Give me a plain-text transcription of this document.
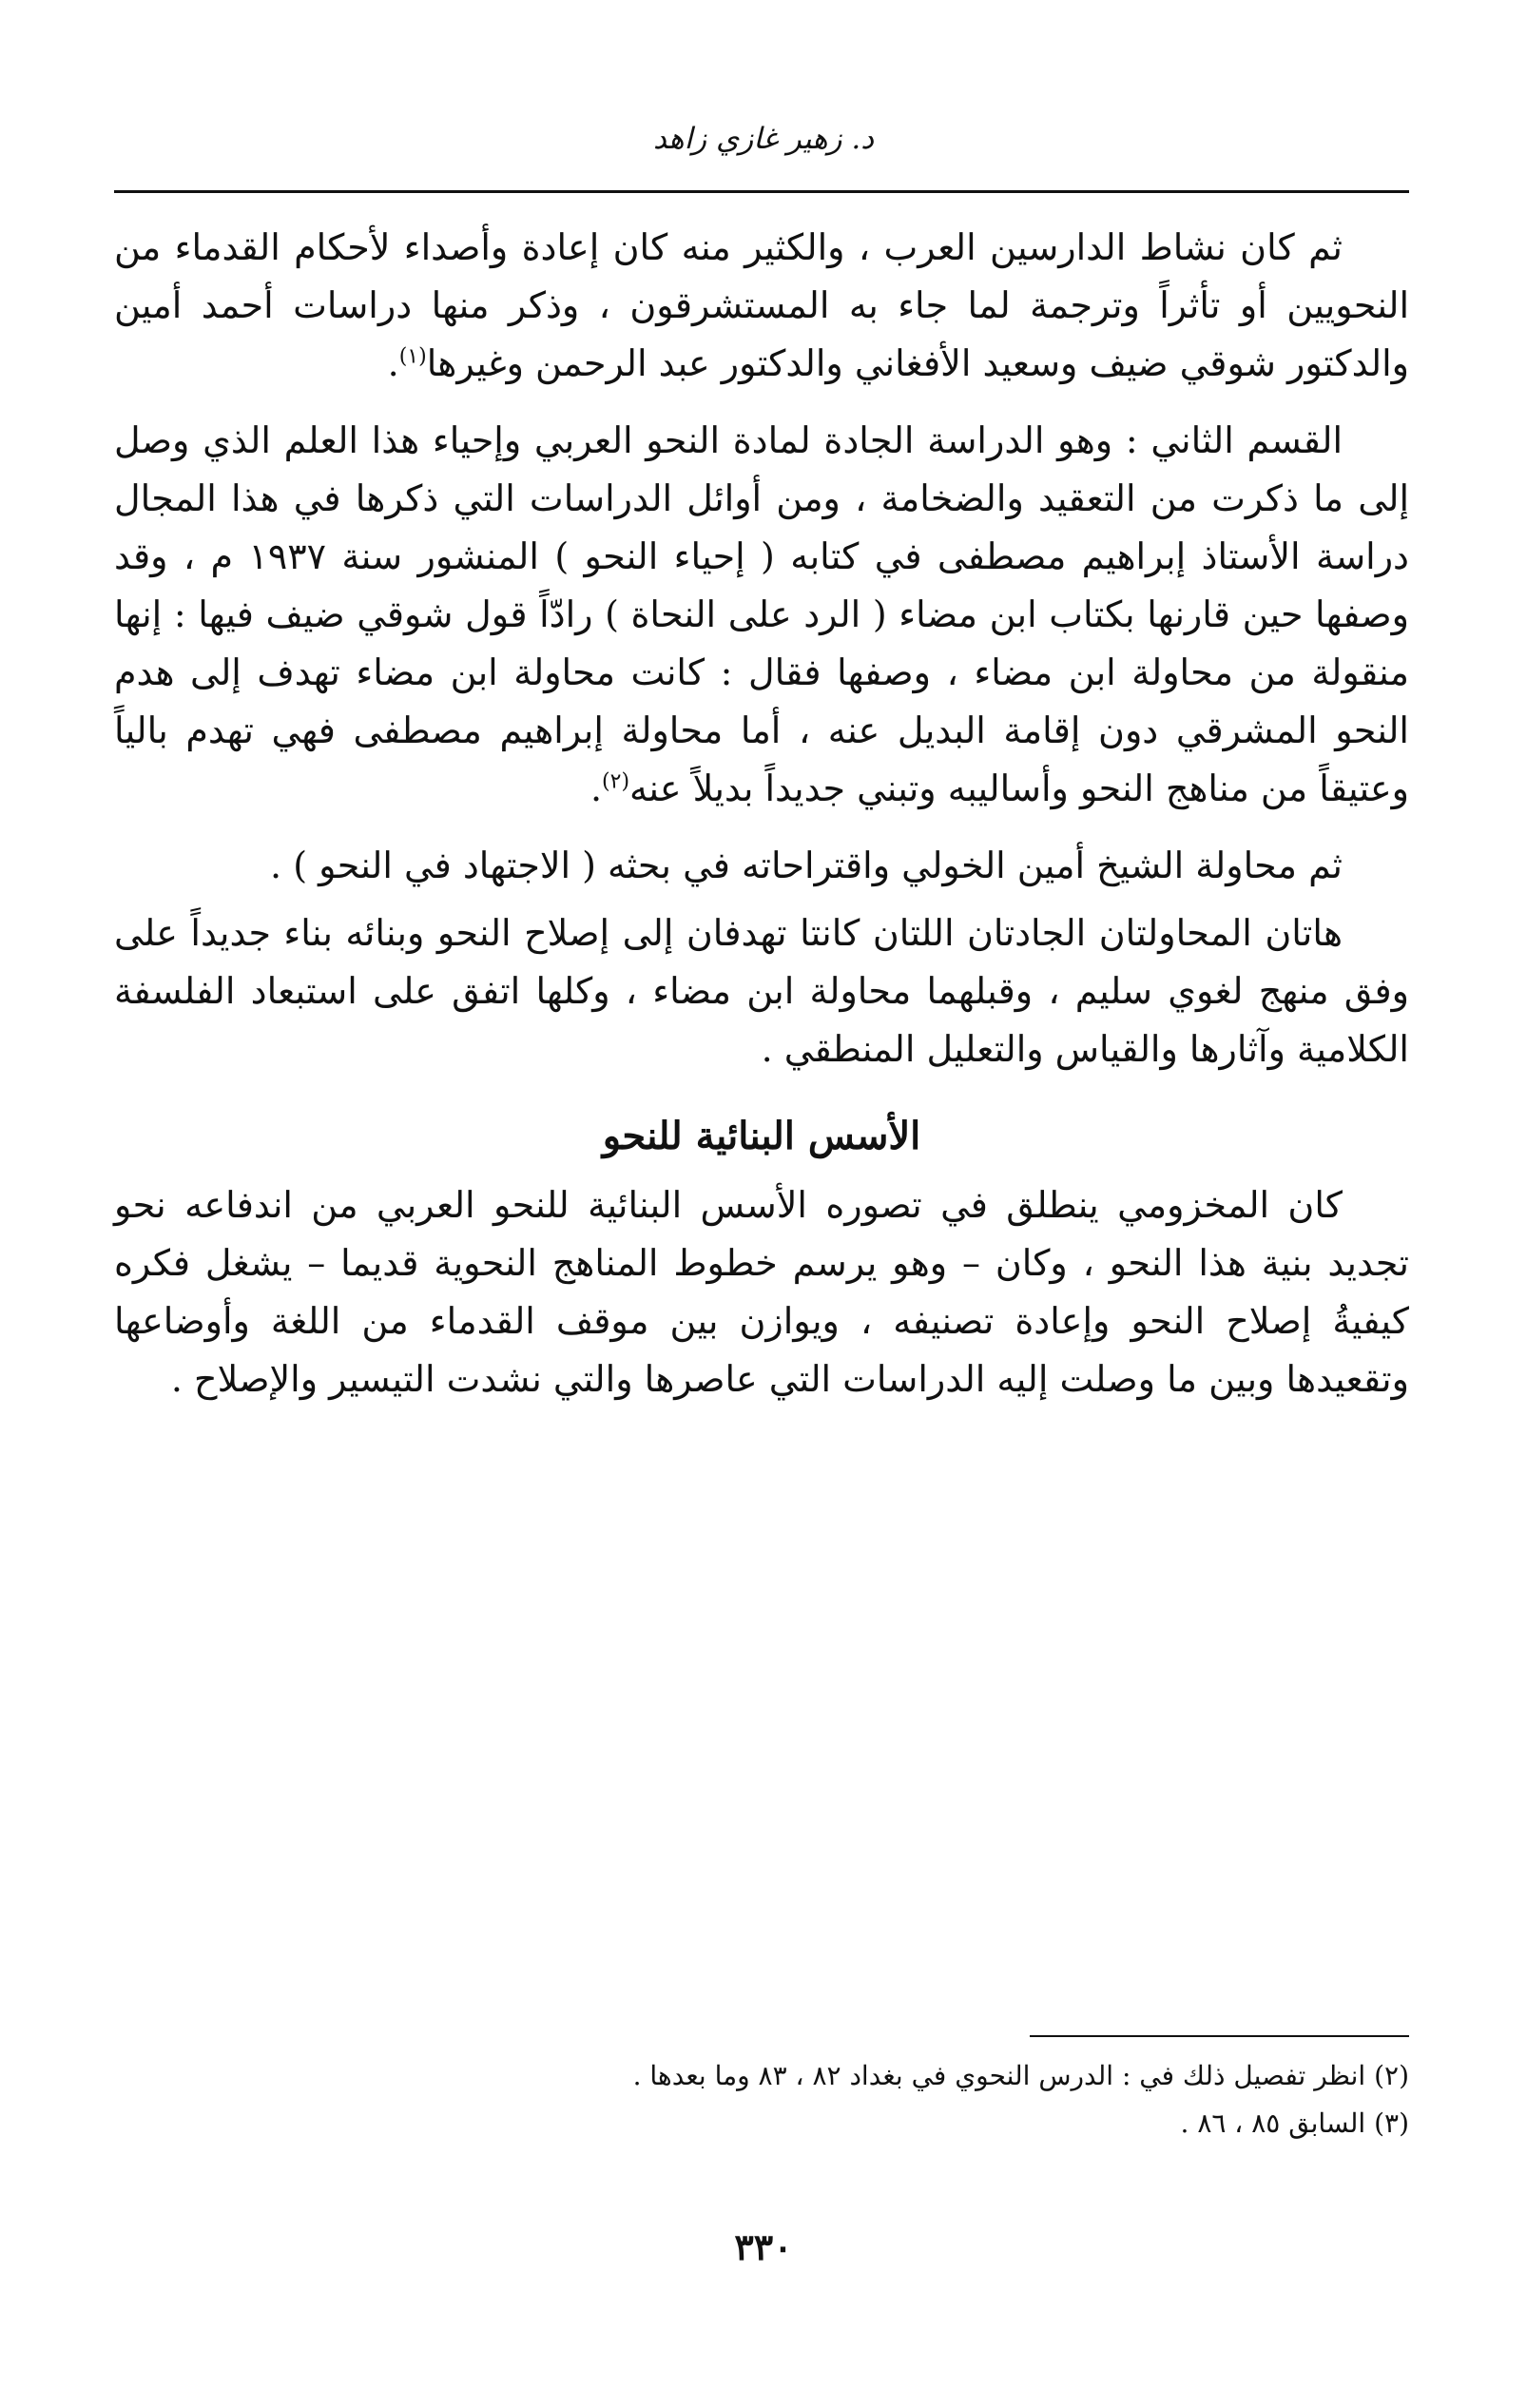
د. زهير غازي زاهد

ثم كان نشاط الدارسين العرب ، والكثير منه كان إعادة وأصداء لأحكام القدماء من النحويين أو تأثراً وترجمة لما جاء به المستشرقون ، وذكر منها دراسات أحمد أمين والدكتور شوقي ضيف وسعيد الأفغاني والدكتور عبد الرحمن وغيرها$^{(١)}$.

القسم الثاني : وهو الدراسة الجادة لمادة النحو العربي وإحياء هذا العلم الذي وصل إلى ما ذكرت من التعقيد والضخامة ، ومن أوائل الدراسات التي ذكرها في هذا المجال دراسة الأستاذ إبراهيم مصطفى في كتابه ( إحياء النحو ) المنشور سنة ١٩٣٧ م ، وقد وصفها حين قارنها بكتاب ابن مضاء ( الرد على النحاة ) رادّاً قول شوقي ضيف فيها : إنها منقولة من محاولة ابن مضاء ، وصفها فقال : كانت محاولة ابن مضاء تهدف إلى هدم النحو المشرقي دون إقامة البديل عنه ، أما محاولة إبراهيم مصطفى فهي تهدم بالياً وعتيقاً من مناهج النحو وأساليبه وتبني جديداً بديلاً عنه$^{(٢)}$.

ثم محاولة الشيخ أمين الخولي واقتراحاته في بحثه ( الاجتهاد في النحو ) .

هاتان المحاولتان الجادتان اللتان كانتا تهدفان إلى إصلاح النحو وبنائه بناء جديداً على وفق منهج لغوي سليم ، وقبلهما محاولة ابن مضاء ، وكلها اتفق على استبعاد الفلسفة الكلامية وآثارها والقياس والتعليل المنطقي .

الأسس البنائية للنحو

كان المخزومي ينطلق في تصوره الأسس البنائية للنحو العربي من اندفاعه نحو تجديد بنية هذا النحو ، وكان – وهو يرسم خطوط المناهج النحوية قديما – يشغل فكره كيفيةُ إصلاح النحو وإعادة تصنيفه ، ويوازن بين موقف القدماء من اللغة وأوضاعها وتقعيدها وبين ما وصلت إليه الدراسات التي عاصرها والتي نشدت التيسير والإصلاح .

(٢) انظر تفصيل ذلك في : الدرس النحوي في بغداد ٨٢ ، ٨٣ وما بعدها .

(٣) السابق ٨٥ ، ٨٦ .

٣٣٠
